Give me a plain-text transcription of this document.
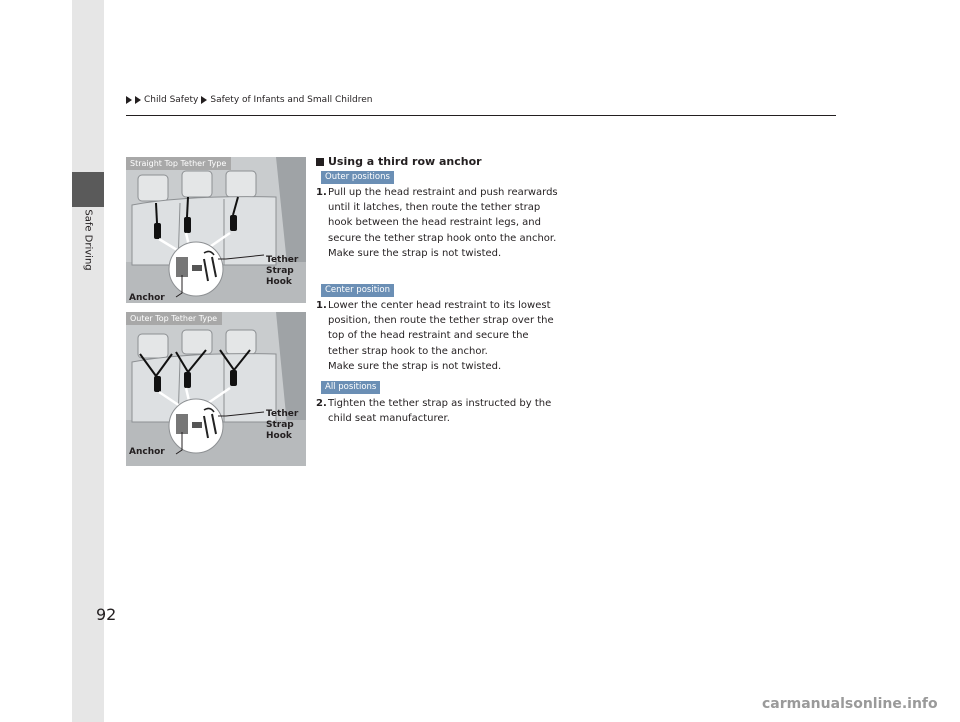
Safe Driving
Child Safety Safety of Infants and Small Children
Straight Top Tether Type
Tether
Strap
Hook
Anchor
Outer Top Tether Type
Tether
Strap
Hook
Anchor
Using a third row anchor
Outer positions
1. Pull up the head restraint and push rearwards until it latches, then route the tether strap hook between the head restraint legs, and secure the tether strap hook onto the anchor.
Make sure the strap is not twisted.
Center position
1. Lower the center head restraint to its lowest position, then route the tether strap over the top of the head restraint and secure the tether strap hook to the anchor.
Make sure the strap is not twisted.
All positions
2. Tighten the tether strap as instructed by the child seat manufacturer.
92
carmanualsonline.info
